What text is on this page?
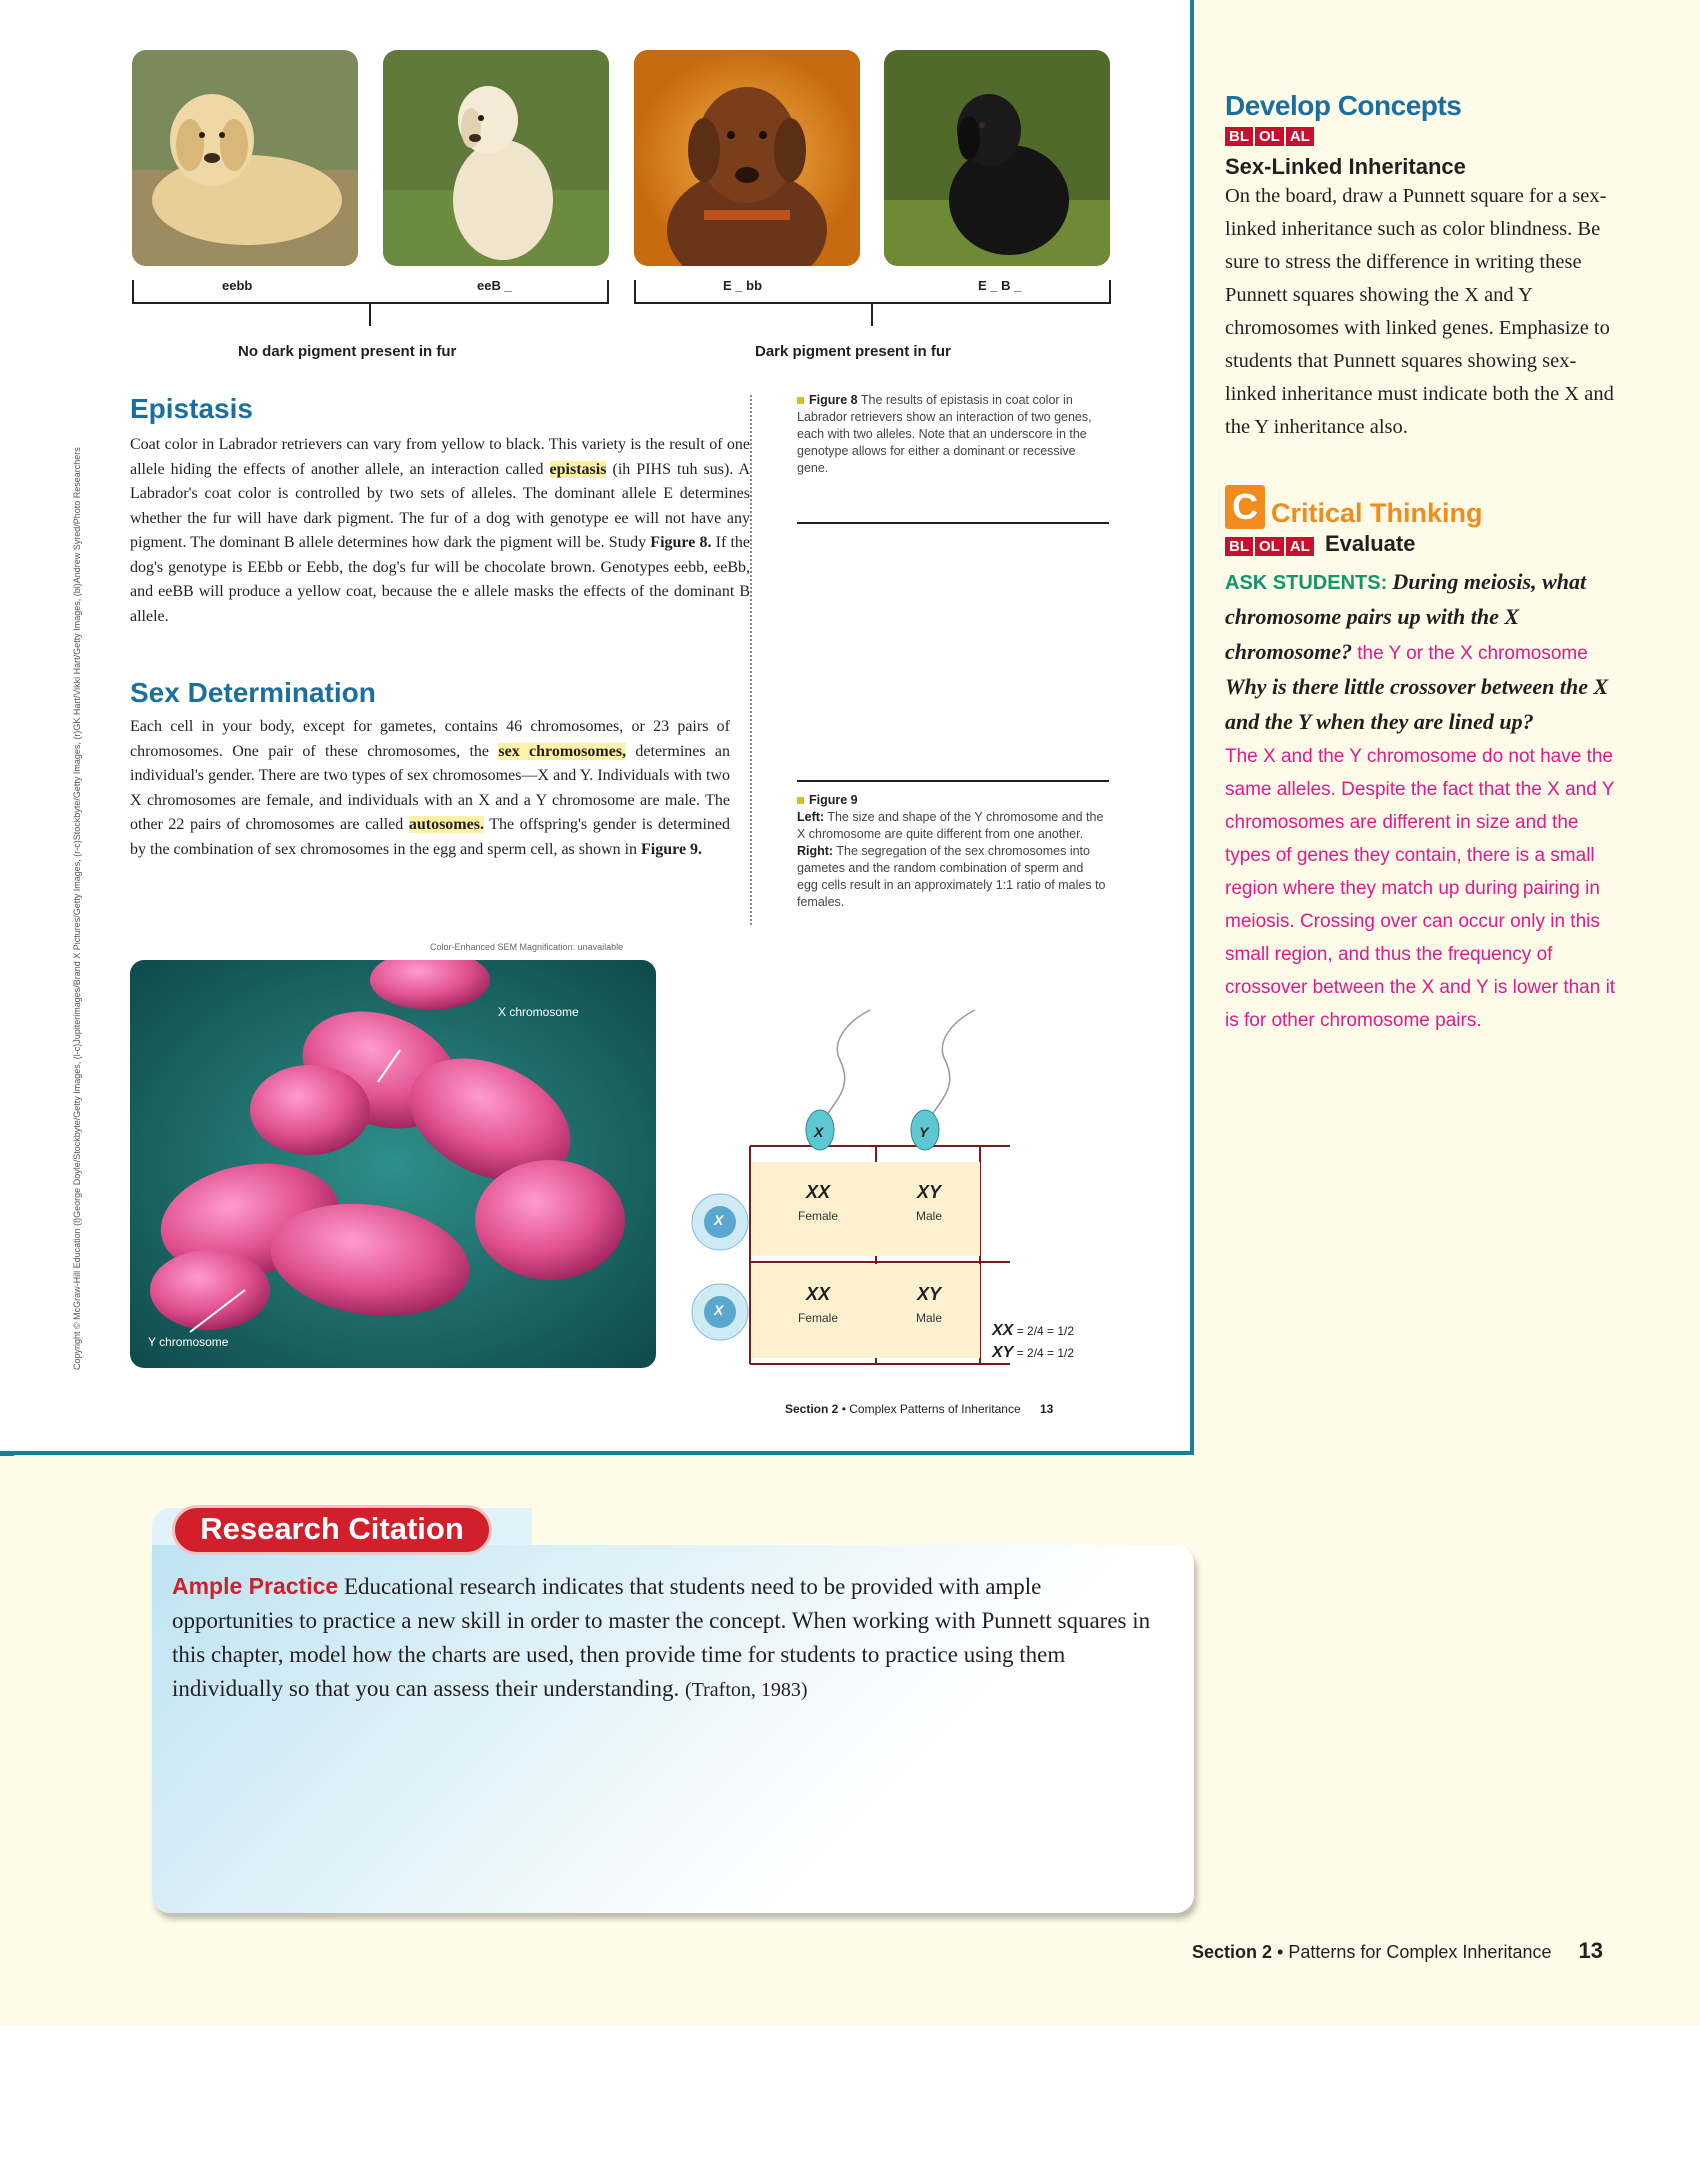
eebb	eeB _	E _ bb	E _ B _
No dark pigment present in fur	Dark pigment present in fur
Copyright © McGraw-Hill Education (l)George Doyle/Stockbyte/Getty Images, (l-c)Jupiterimages/Brand X Pictures/Getty Images, (r-c)Stockbyte/Getty Images, (r)GK Hart/Vikki Hart/Getty Images, (bl)Andrew Syred/Photo Researchers
Epistasis
Coat color in Labrador retrievers can vary from yellow to black. This variety is the result of one allele hiding the effects of another allele, an interaction called epistasis (ih PIHS tuh sus). A Labrador's coat color is controlled by two sets of alleles. The dominant allele E determines whether the fur will have dark pigment. The fur of a dog with genotype ee will not have any pigment. The dominant B allele determines how dark the pigment will be. Study Figure 8. If the dog's genotype is EEbb or Eebb, the dog's fur will be chocolate brown. Genotypes eebb, eeBb, and eeBB will produce a yellow coat, because the e allele masks the effects of the dominant B allele.
Sex Determination
Each cell in your body, except for gametes, contains 46 chromosomes, or 23 pairs of chromosomes. One pair of these chromosomes, the sex chromosomes, determines an individual's gender. There are two types of sex chromosomes—X and Y. Individuals with two X chromosomes are female, and individuals with an X and a Y chromosome are male. The other 22 pairs of chromosomes are called autosomes. The offspring's gender is determined by the combination of sex chromosomes in the egg and sperm cell, as shown in Figure 9.
Figure 8 The results of epistasis in coat color in Labrador retrievers show an interaction of two genes, each with two alleles. Note that an underscore in the genotype allows for either a dominant or recessive gene.
Figure 9
Left: The size and shape of the Y chromosome and the X chromosome are quite different from one another.
Right: The segregation of the sex chromosomes into gametes and the random combination of sperm and egg cells result in an approximately 1:1 ratio of males to females.
Color-Enhanced SEM Magnification: unavailable
X chromosome
Y chromosome
X	Y
X
X
XX
Female
XY
Male
XX
Female
XY
Male
XX = 2/4 = 1/2
XY = 2/4 = 1/2
Section 2 • Complex Patterns of Inheritance 13
Develop Concepts
BL OL AL
Sex-Linked Inheritance
On the board, draw a Punnett square for a sex-linked inheritance such as color blindness. Be sure to stress the difference in writing these Punnett squares showing the X and Y chromosomes with linked genes. Emphasize to students that Punnett squares showing sex-linked inheritance must indicate both the X and the Y inheritance also.
C Critical Thinking
BL OL AL Evaluate
ASK STUDENTS: During meiosis, what chromosome pairs up with the X chromosome? the Y or the X chromosome Why is there little crossover between the X and the Y when they are lined up?
The X and the Y chromosome do not have the same alleles. Despite the fact that the X and Y chromosomes are different in size and the types of genes they contain, there is a small region where they match up during pairing in meiosis. Crossing over can occur only in this small region, and thus the frequency of crossover between the X and Y is lower than it is for other chromosome pairs.
Research Citation
Ample Practice Educational research indicates that students need to be provided with ample opportunities to practice a new skill in order to master the concept. When working with Punnett squares in this chapter, model how the charts are used, then provide time for students to practice using them individually so that you can assess their understanding. (Trafton, 1983)
Section 2 • Patterns for Complex Inheritance 13
